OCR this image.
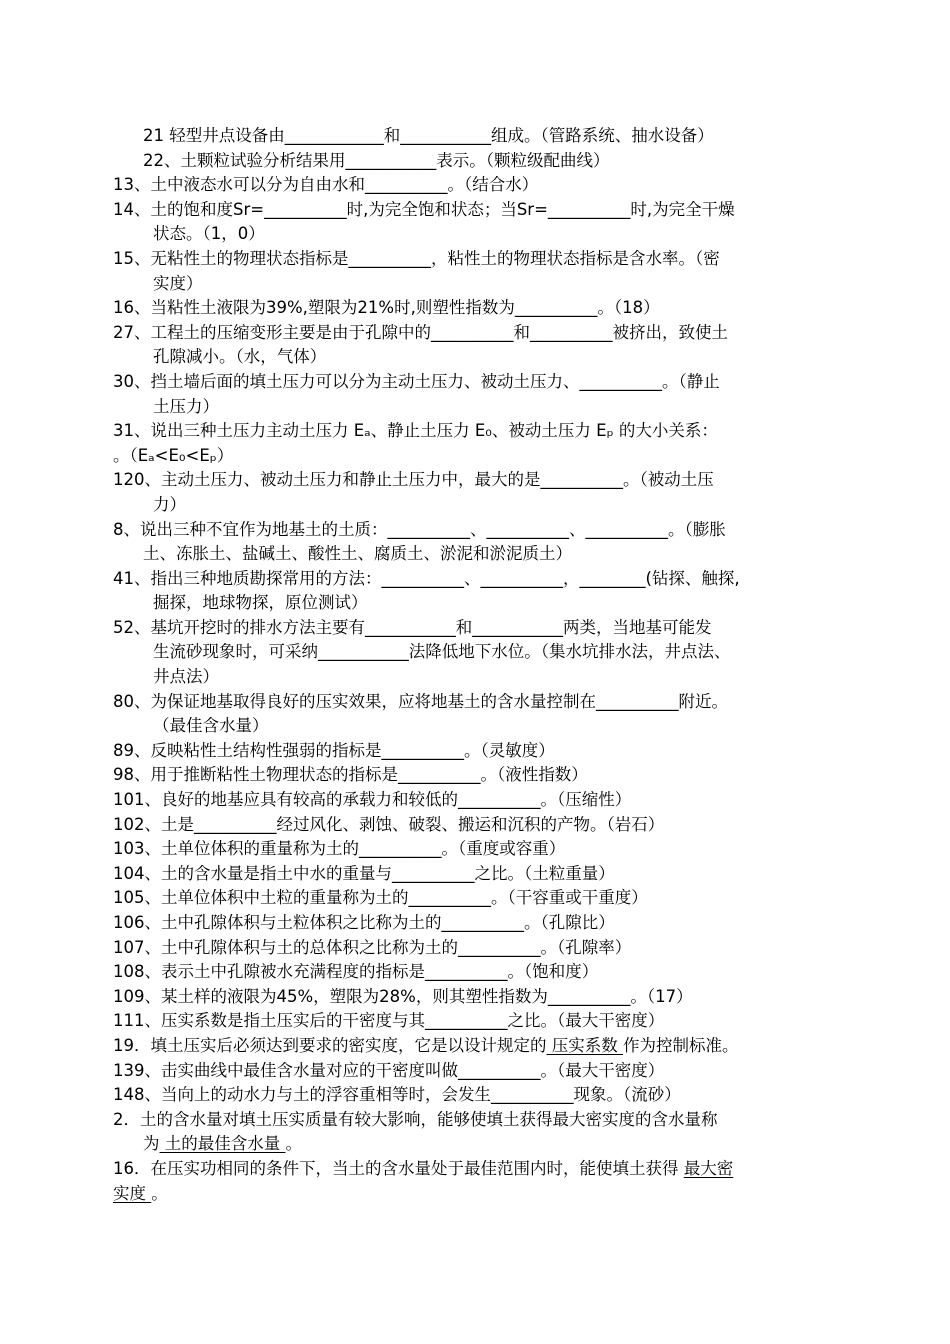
21 轻型井点设备由____________和___________组成。（管路系统、抽水设备）
22、土颗粒试验分析结果用___________表示。（颗粒级配曲线）
13、土中液态水可以分为自由水和__________。（结合水）
14、土的饱和度Sr=__________时,为完全饱和状态；当Sr=__________时,为完全干燥
状态。（1，0）
15、无粘性土的物理状态指标是__________，粘性土的物理状态指标是含水率。（密
实度）
16、当粘性土液限为39%,塑限为21%时,则塑性指数为__________。（18）
27、工程土的压缩变形主要是由于孔隙中的__________和__________被挤出，致使土
孔隙减小。（水，气体）
30、挡土墙后面的填土压力可以分为主动土压力、被动土压力、__________。（静止
土压力）
31、说出三种土压力主动土压力 Eₐ、静止土压力 E₀、被动土压力 Eₚ 的大小关系：
。（Eₐ<E₀<Eₚ）
120、主动土压力、被动土压力和静止土压力中，最大的是__________。（被动土压
力）
8、说出三种不宜作为地基土的土质：__________、__________、__________。（膨胀
土、冻胀土、盐碱土、酸性土、腐质土、淤泥和淤泥质土）
41、指出三种地质勘探常用的方法：__________、__________，________(钻探、触探,
掘探，地球物探，原位测试）
52、基坑开挖时的排水方法主要有___________和___________两类，当地基可能发
生流砂现象时，可采纳___________法降低地下水位。（集水坑排水法，井点法、
井点法）
80、为保证地基取得良好的压实效果，应将地基土的含水量控制在__________附近。
（最佳含水量）
89、反映粘性土结构性强弱的指标是__________。（灵敏度）
98、用于推断粘性土物理状态的指标是__________。（液性指数）
101、良好的地基应具有较高的承载力和较低的__________。（压缩性）
102、土是__________经过风化、剥蚀、破裂、搬运和沉积的产物。（岩石）
103、土单位体积的重量称为土的__________。（重度或容重）
104、土的含水量是指土中水的重量与__________之比。（土粒重量）
105、土单位体积中土粒的重量称为土的__________。（干容重或干重度）
106、土中孔隙体积与土粒体积之比称为土的__________。（孔隙比）
107、土中孔隙体积与土的总体积之比称为土的__________。（孔隙率）
108、表示土中孔隙被水充满程度的指标是__________。（饱和度）
109、某土样的液限为45%，塑限为28%，则其塑性指数为__________。（17）
111、压实系数是指土压实后的干密度与其__________之比。（最大干密度）
19．填土压实后必须达到要求的密实度，它是以设计规定的 压实系数 作为控制标准。
139、击实曲线中最佳含水量对应的干密度叫做__________。（最大干密度）
148、当向上的动水力与土的浮容重相等时，会发生__________现象。（流砂）
2．土的含水量对填土压实质量有较大影响，能够使填土获得最大密实度的含水量称
为 土的最佳含水量 。
16．在压实功相同的条件下，当土的含水量处于最佳范围内时，能使填土获得 最大密
实度 。
